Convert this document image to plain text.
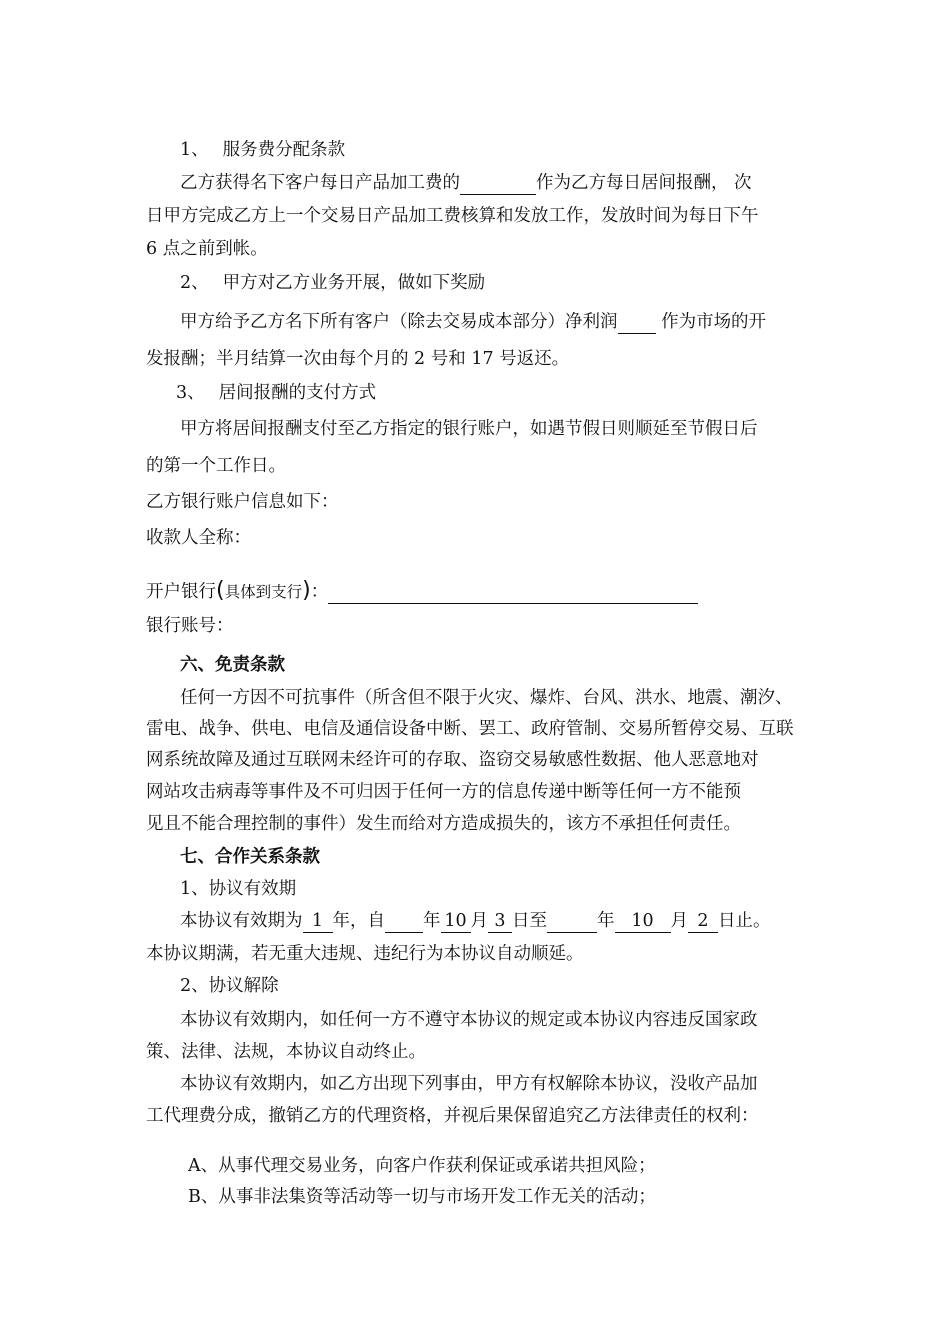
1、 服务费分配条款
乙方获得名下客户每日产品加工费的	作为乙方每日居间报酬， 次
日甲方完成乙方上一个交易日产品加工费核算和发放工作，发放时间为每日下午
6 点之前到帐。
2、 甲方对乙方业务开展，做如下奖励
甲方给予乙方名下所有客户（除去交易成本部分）净利润  作为市场的开
发报酬；半月结算一次由每个月的 2 号和 17 号返还。
3、 居间报酬的支付方式
甲方将居间报酬支付至乙方指定的银行账户，如遇节假日则顺延至节假日后
的第一个工作日。
乙方银行账户信息如下：
收款人全称：
开户银行(具体到支行)：
银行账号：
六、免责条款
任何一方因不可抗事件（所含但不限于火灾、爆炸、台风、洪水、地震、潮汐、
雷电、战争、供电、电信及通信设备中断、罢工、政府管制、交易所暂停交易、互联
网系统故障及通过互联网未经许可的存取、盗窃交易敏感性数据、他人恶意地对
网站攻击病毒等事件及不可归因于任何一方的信息传递中断等任何一方不能预
见且不能合理控制的事件）发生而给对方造成损失的，该方不承担任何责任。
七、合作关系条款
1、协议有效期
本协议有效期为 1 年，自 年 10 月 3 日至	年 10 月 2 日止。
本协议期满，若无重大违规、违纪行为本协议自动顺延。
2、协议解除
本协议有效期内，如任何一方不遵守本协议的规定或本协议内容违反国家政
策、法律、法规，本协议自动终止。
本协议有效期内，如乙方出现下列事由，甲方有权解除本协议，没收产品加
工代理费分成，撤销乙方的代理资格，并视后果保留追究乙方法律责任的权利：
A、从事代理交易业务，向客户作获利保证或承诺共担风险；
B、从事非法集资等活动等一切与市场开发工作无关的活动；
